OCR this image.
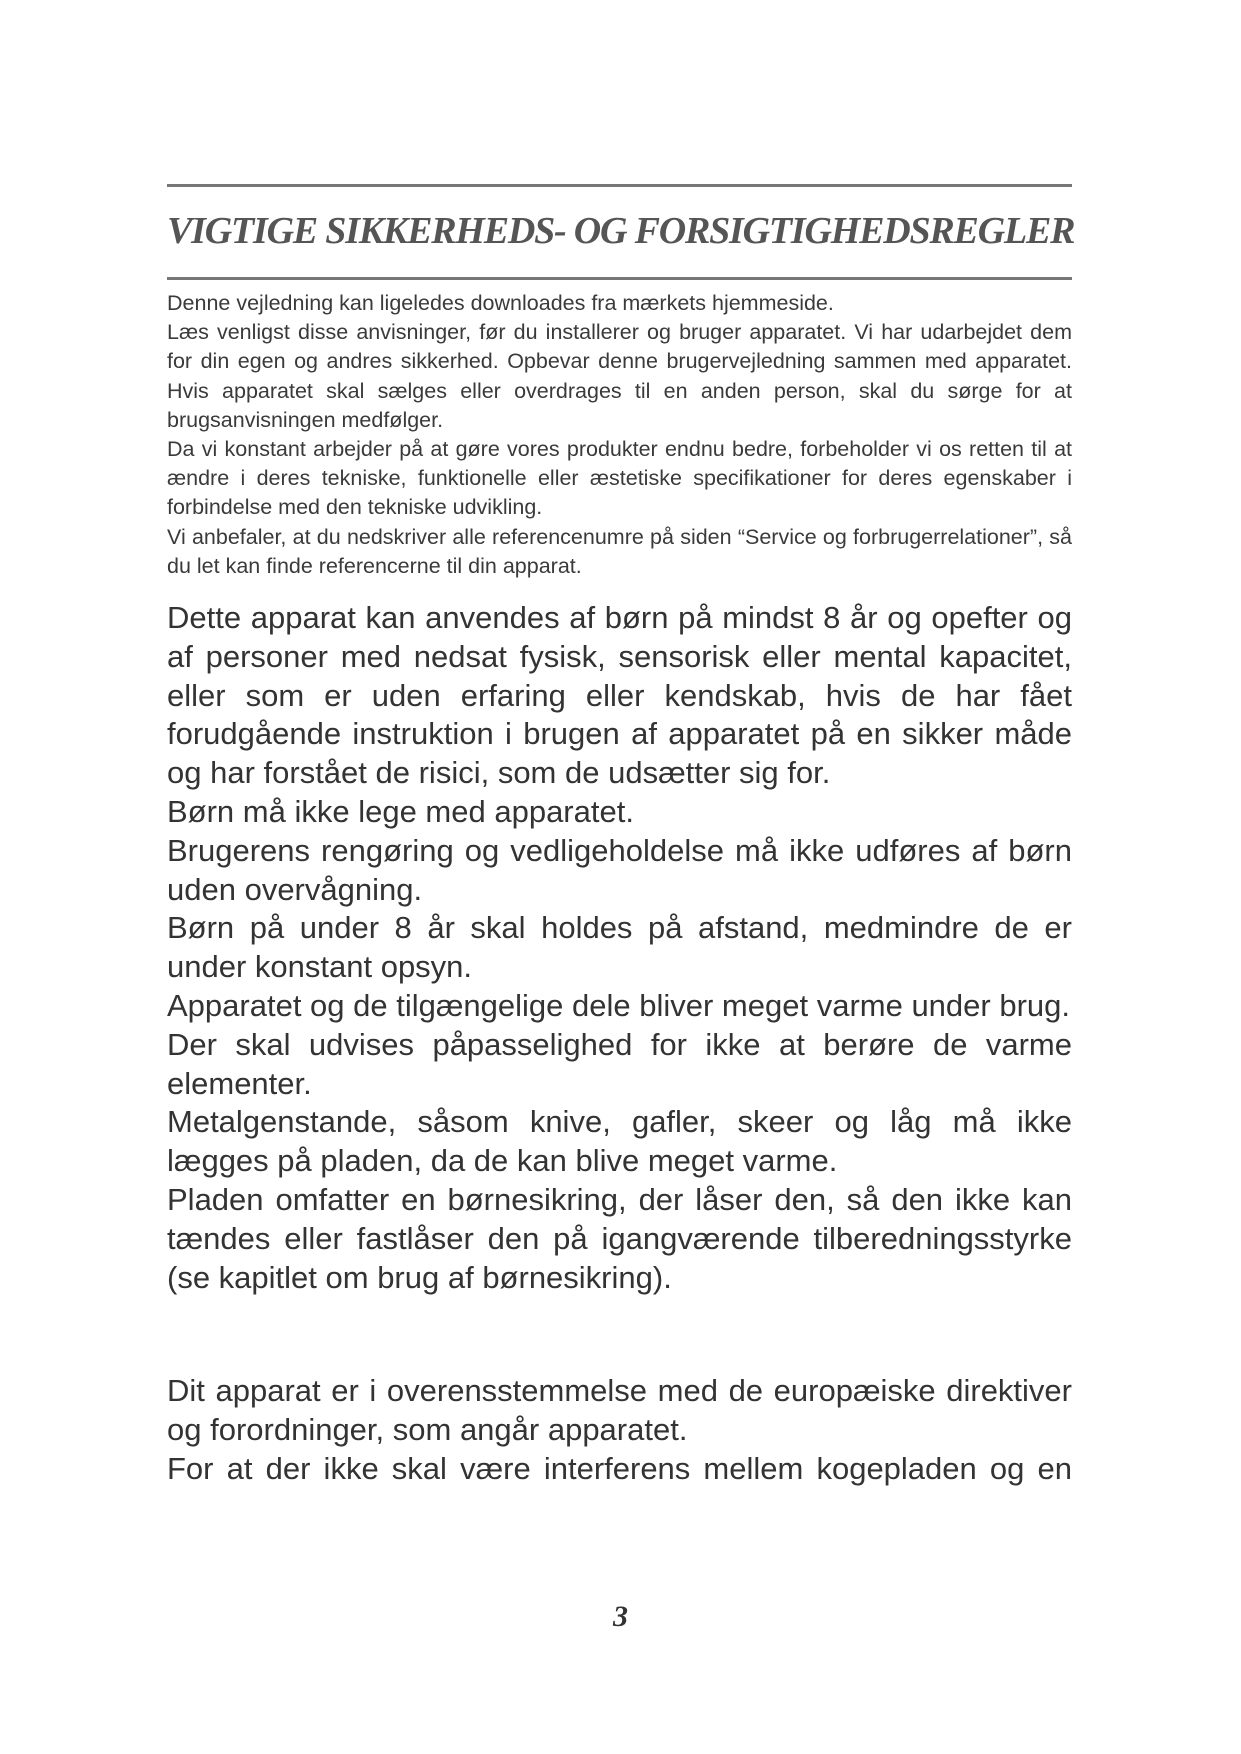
VIGTIGE SIKKERHEDS- OG FORSIGTIGHEDSREGLER

Denne vejledning kan ligeledes downloades fra mærkets hjemmeside.

Læs venligst disse anvisninger, før du installerer og bruger apparatet. Vi har udarbejdet dem for din egen og andres sikkerhed. Opbevar denne brugervejledning sammen med apparatet. Hvis apparatet skal sælges eller overdrages til en anden person, skal du sørge for at brugsanvisningen medfølger.

Da vi konstant arbejder på at gøre vores produkter endnu bedre, forbeholder vi os retten til at ændre i deres tekniske, funktionelle eller æstetiske specifikationer for deres egenskaber i forbindelse med den tekniske udvikling.

Vi anbefaler, at du nedskriver alle referencenumre på siden “Service og forbrugerrelationer”, så du let kan finde referencerne til din apparat.

Dette apparat kan anvendes af børn på mindst 8 år og opefter og af personer med nedsat fysisk, sensorisk eller mental kapacitet, eller som er uden erfaring eller kendskab, hvis de har fået forudgående instruktion i brugen af apparatet på en sikker måde og har forstået de risici, som de udsætter sig for.

Børn må ikke lege med apparatet.

Brugerens rengøring og vedligeholdelse må ikke udføres af børn uden overvågning.

Børn på under 8 år skal holdes på afstand, medmindre de er under konstant opsyn.

Apparatet og de tilgængelige dele bliver meget varme under brug.

Der skal udvises påpasselighed for ikke at berøre de varme elementer.

Metalgenstande, såsom knive, gafler, skeer og låg må ikke lægges på pladen, da de kan blive meget varme.

Pladen omfatter en børnesikring, der låser den, så den ikke kan tændes eller fastlåser den på igangværende tilberedningsstyrke (se kapitlet om brug af børnesikring).

Dit apparat er i overensstemmelse med de europæiske direktiver og forordninger, som angår apparatet.

For at der ikke skal være interferens mellem kogepladen og en

3
